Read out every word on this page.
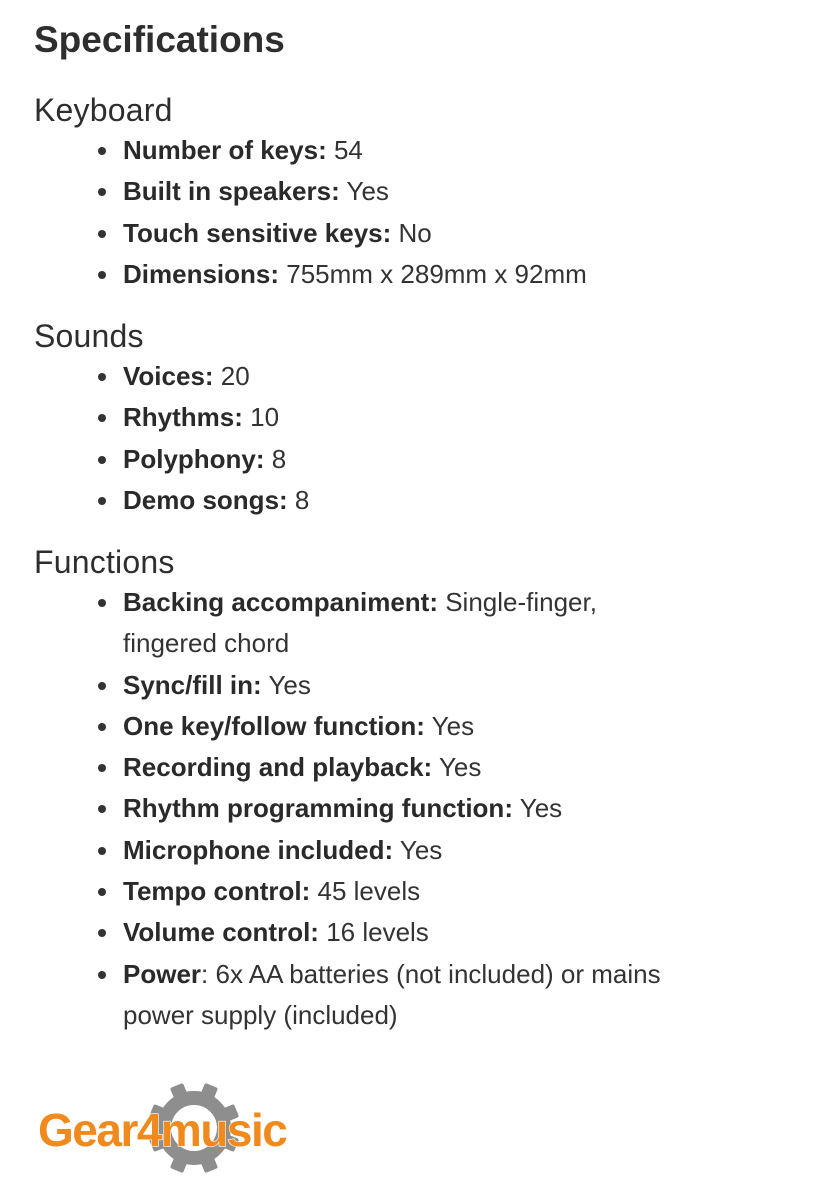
Specifications
Keyboard
Number of keys: 54
Built in speakers: Yes
Touch sensitive keys: No
Dimensions: 755mm x 289mm x 92mm
Sounds
Voices: 20
Rhythms: 10
Polyphony: 8
Demo songs: 8
Functions
Backing accompaniment: Single-finger, fingered chord
Sync/fill in: Yes
One key/follow function: Yes
Recording and playback: Yes
Rhythm programming function: Yes
Microphone included: Yes
Tempo control: 45 levels
Volume control: 16 levels
Power: 6x AA batteries (not included) or mains power supply (included)
Gear4music
